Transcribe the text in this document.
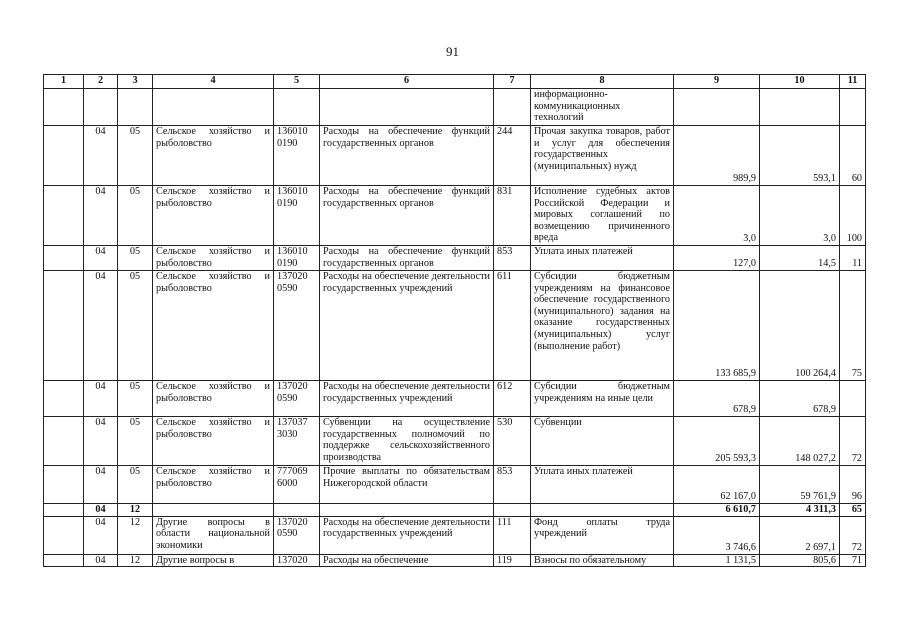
91
1	2	3	4	5	6	7	8	9	10	11
							информационно-коммуникационных технологий			
	04	05	Сельское хозяйство и рыболовство	136010 0190	Расходы на обеспечение функций государственных органов	244	Прочая закупка товаров, работ и услуг для обеспечения государственных (муниципальных) нужд	989,9	593,1	60
	04	05	Сельское хозяйство и рыболовство	136010 0190	Расходы на обеспечение функций государственных органов	831	Исполнение судебных актов Российской Федерации и мировых соглашений по возмещению причиненного вреда	3,0	3,0	100
	04	05	Сельское хозяйство и рыболовство	136010 0190	Расходы на обеспечение функций государственных органов	853	Уплата иных платежей	127,0	14,5	11
	04	05	Сельское хозяйство и рыболовство	137020 0590	Расходы на обеспечение деятельности государственных учреждений	611	Субсидии бюджетным учреждениям на финансовое обеспечение государственного (муниципального) задания на оказание государственных (муниципальных) услуг (выполнение работ)	133 685,9	100 264,4	75
	04	05	Сельское хозяйство и рыболовство	137020 0590	Расходы на обеспечение деятельности государственных учреждений	612	Субсидии бюджетным учреждениям на иные цели	678,9	678,9	
	04	05	Сельское хозяйство и рыболовство	137037 3030	Субвенции на осуществление государственных полномочий по поддержке сельскохозяйственного производства	530	Субвенции	205 593,3	148 027,2	72
	04	05	Сельское хозяйство и рыболовство	777069 6000	Прочие выплаты по обязательствам Нижегородской области	853	Уплата иных платежей	62 167,0	59 761,9	96
	04	12						6 610,7	4 311,3	65
	04	12	Другие вопросы в области национальной экономики	137020 0590	Расходы на обеспечение деятельности государственных учреждений	111	Фонд оплаты труда учреждений	3 746,6	2 697,1	72
	04	12	Другие вопросы в	137020	Расходы на обеспечение	119	Взносы по обязательному	1 131,5	805,6	71
